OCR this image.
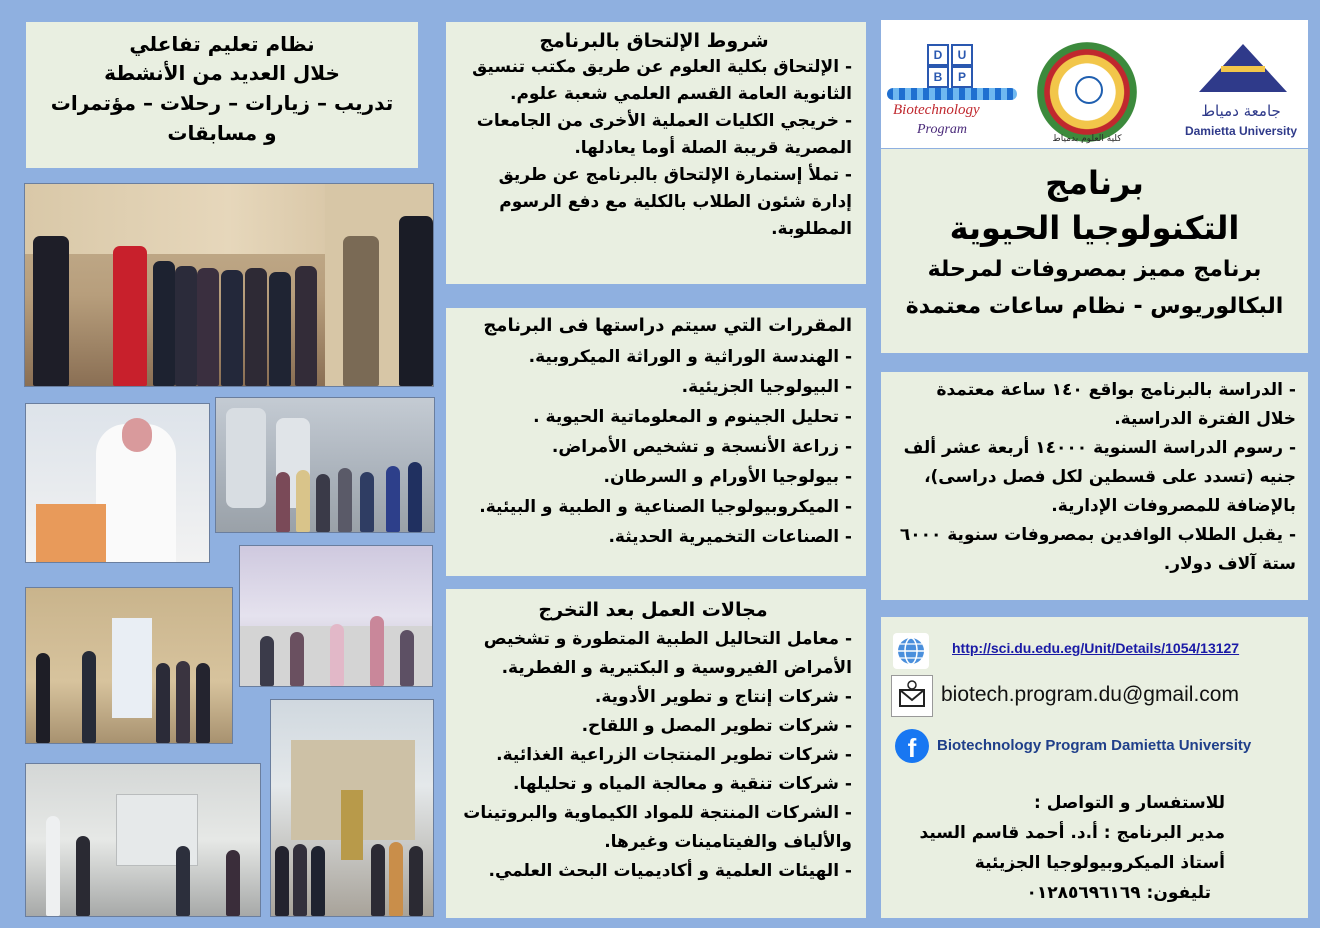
نظام تعليم تفاعلي
خلال العديد من الأنشطة
تدريب – زيارات – رحلات – مؤتمرات
و مسابقات
شروط الإلتحاق بالبرنامج
- الإلتحاق بكلية العلوم عن طريق مكتب تنسيق الثانوية العامة القسم العلمي شعبة علوم.
- خريجي الكليات العملية الأخرى من الجامعات المصرية قريبة الصلة أوما يعادلها.
- تملأ إستمارة الإلتحاق بالبرنامج عن طريق إدارة شئون الطلاب بالكلية مع دفع الرسوم المطلوبة.
المقررات التي سيتم دراستها فى البرنامج
- الهندسة الوراثية و الوراثة الميكروبية.
- البيولوجيا الجزيئية.
- تحليل الجينوم و المعلوماتية الحيوية .
- زراعة الأنسجة و تشخيص الأمراض.
- بيولوجيا الأورام و السرطان.
- الميكروبيولوجيا الصناعية و الطبية و البيئية.
- الصناعات التخميرية الحديثة.
مجالات العمل بعد التخرج
- معامل التحاليل الطبية المتطورة و تشخيص الأمراض الفيروسية و البكتيرية و الفطرية.
- شركات إنتاج و تطوير الأدوية.
- شركات تطوير المصل و اللقاح.
- شركات تطوير المنتجات الزراعية الغذائية.
- شركات تنقية و معالجة المياه و تحليلها.
- الشركات المنتجة للمواد الكيماوية والبروتينات والألياف والفيتامينات وغيرها.
- الهيئات العلمية و أكاديميات البحث العلمي.
D	U
B	P
Biotechnology
Program
كلية العلوم بدمياط
جامعة دمياط
Damietta University
برنامج
التكنولوجيا الحيوية
برنامج مميز بمصروفات لمرحلة
البكالوريوس - نظام ساعات معتمدة
- الدراسة بالبرنامج بواقع ١٤٠ ساعة معتمدة خلال الفترة الدراسية.
- رسوم الدراسة السنوية ١٤٠٠٠ أربعة عشر ألف جنيه (تسدد على قسطين لكل فصل دراسى)، بالإضافة للمصروفات الإدارية.
- يقبل الطلاب الوافدين بمصروفات سنوية ٦٠٠٠ ستة آلاف دولار.
http://sci.du.edu.eg/Unit/Details/1054/13127
biotech.program.du@gmail.com
f	Biotechnology Program Damietta University
للاستفسار و التواصل :
مدير البرنامج : أ.د. أحمد قاسم السيد
أستاذ الميكروبيولوجيا الجزيئية
تليفون: ٠١٢٨٥٦٩٦١٦٩
